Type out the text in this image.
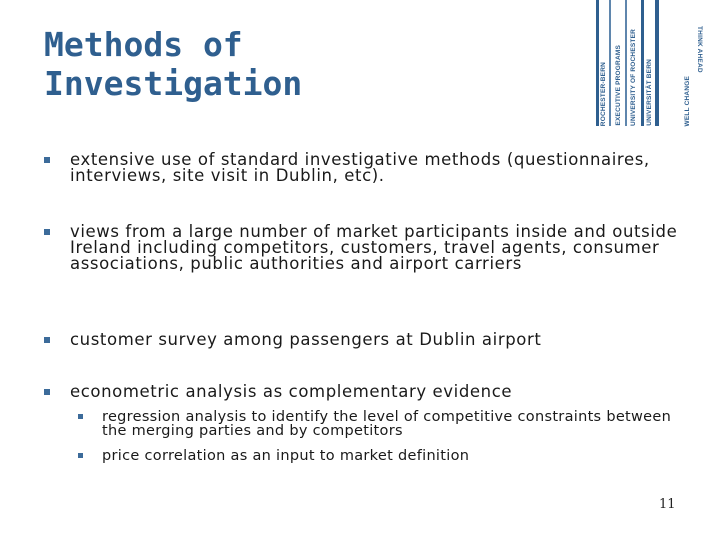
Methods of
Investigation	ROCHESTER-BERN EXECUTIVE PROGRAMS UNIVERSITY OF ROCHESTER UNIVERSITÄT BERN	WELL CHANGE
THINK AHEAD
extensive use of standard investigative methods (questionnaires, interviews, site visit in Dublin, etc).
views from a large number of market participants inside and outside Ireland including competitors, customers, travel agents, consumer associations, public authorities and airport carriers
customer survey among passengers at Dublin airport
econometric analysis as complementary evidence
regression analysis to identify the level of competitive constraints between the merging parties and by competitors
price correlation as an input to market definition
11
